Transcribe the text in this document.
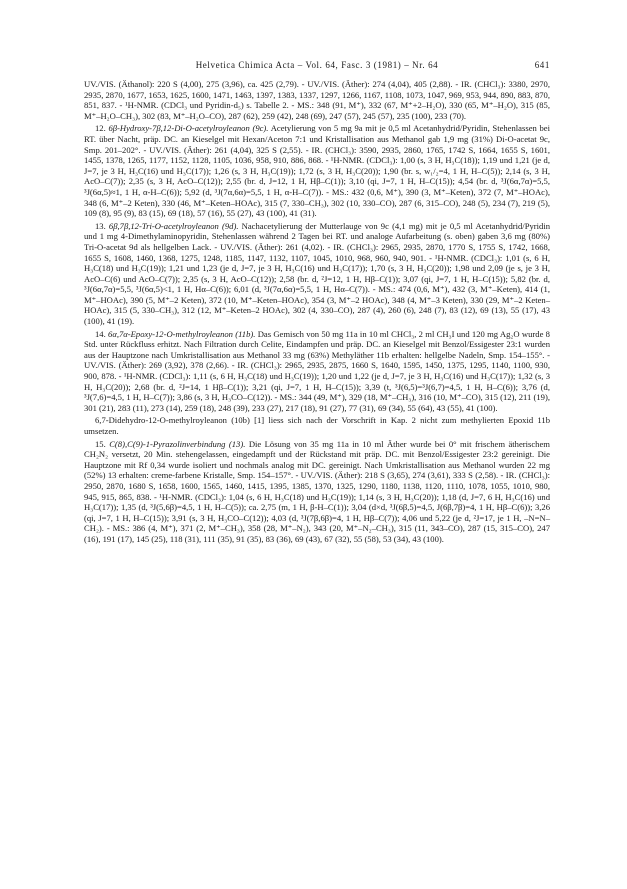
Helvetica Chimica Acta – Vol. 64, Fasc. 3 (1981) – Nr. 64	641

UV./VIS. (Äthanol): 220 S (4,00), 275 (3,96), ca. 425 (2,79). - UV./VIS. (Äther): 274 (4,04), 405 (2,88). - IR. (CHCl₃): 3380, 2970, 2935, 2870, 1677, 1653, 1625, 1600, 1471, 1463, 1397, 1383, 1337, 1297, 1266, 1167, 1108, 1073, 1047, 969, 953, 944, 890, 883, 870, 851, 837. - ¹H-NMR. (CDCl₃ und Pyridin-d₅) s. Tabelle 2. - MS.: 348 (91, M⁺), 332 (67, M⁺+2–H₂O), 330 (65, M⁺–H₂O), 315 (85, M⁺–H₂O–CH₃), 302 (83, M⁺–H₂O–CO), 287 (62), 259 (42), 248 (69), 247 (57), 245 (57), 235 (100), 233 (70).

12. 6β-Hydroxy-7β,12-Di-O-acetylroyleanon (9c). Acetylierung von 5 mg 9a mit je 0,5 ml Acetanhydrid/Pyridin, Stehenlassen bei RT. über Nacht, präp. DC. an Kieselgel mit Hexan/Aceton 7:1 und Kristallisation aus Methanol gab 1,9 mg (31%) Di-O-acetat 9c, Smp. 201–202°. - UV./VIS. (Äther): 261 (4,04), 325 S (2,55). - IR. (CHCl₃): 3590, 2935, 2860, 1765, 1742 S, 1664, 1655 S, 1601, 1455, 1378, 1265, 1177, 1152, 1128, 1105, 1036, 958, 910, 886, 868. - ¹H-NMR. (CDCl₃): 1,00 (s, 3 H, H₃C(18)); 1,19 und 1,21 (je d, J=7, je 3 H, H₃C(16) und H₃C(17)); 1,26 (s, 3 H, H₃C(19)); 1,72 (s, 3 H, H₃C(20)); 1,90 (br. s, w₁/₂=4, 1 H, H–C(5)); 2,14 (s, 3 H, AcO–C(7)); 2,35 (s, 3 H, AcO–C(12)); 2,55 (br. d, J=12, 1 H, Hβ–C(1)); 3,10 (qi, J=7, 1 H, H–C(15)); 4,54 (br. d, ³J(6α,7α)=5,5, ³J(6α,5)≈1, 1 H, α-H–C(6)); 5,92 (d, ³J(7α,6α)=5,5, 1 H, α-H–C(7)). - MS.: 432 (0,6, M⁺), 390 (3, M⁺–Keten), 372 (7, M⁺–HOAc), 348 (6, M⁺–2 Keten), 330 (46, M⁺–Keten–HOAc), 315 (7, 330–CH₃), 302 (10, 330–CO), 287 (6, 315–CO), 248 (5), 234 (7), 219 (5), 109 (8), 95 (9), 83 (15), 69 (18), 57 (16), 55 (27), 43 (100), 41 (31).

13. 6β,7β,12-Tri-O-acetylroyleanon (9d). Nachacetylierung der Mutterlauge von 9c (4,1 mg) mit je 0,5 ml Acetanhydrid/Pyridin und 1 mg 4-Dimethylaminopyridin, Stehenlassen während 2 Tagen bei RT. und analoge Aufarbeitung (s. oben) gaben 3,6 mg (80%) Tri-O-acetat 9d als hellgelben Lack. - UV./VIS. (Äther): 261 (4,02). - IR. (CHCl₃): 2965, 2935, 2870, 1770 S, 1755 S, 1742, 1668, 1655 S, 1608, 1460, 1368, 1275, 1248, 1185, 1147, 1132, 1107, 1045, 1010, 968, 960, 940, 901. - ¹H-NMR. (CDCl₃): 1,01 (s, 6 H, H₃C(18) und H₃C(19)); 1,21 und 1,23 (je d, J=7, je 3 H, H₃C(16) und H₃C(17)); 1,70 (s, 3 H, H₃C(20)); 1,98 und 2,09 (je s, je 3 H, AcO–C(6) und AcO–C(7)); 2,35 (s, 3 H, AcO–C(12)); 2,58 (br. d, ²J=12, 1 H, Hβ–C(1)); 3,07 (qi, J=7, 1 H, H–C(15)); 5,82 (br. d, ³J(6α,7α)=5,5, ³J(6α,5)<1, 1 H, Hα–C(6)); 6,01 (d, ³J(7α,6α)=5,5, 1 H, Hα–C(7)). - MS.: 474 (0,6, M⁺), 432 (3, M⁺–Keten), 414 (1, M⁺–HOAc), 390 (5, M⁺–2 Keten), 372 (10, M⁺–Keten–HOAc), 354 (3, M⁺–2 HOAc), 348 (4, M⁺–3 Keten), 330 (29, M⁺–2 Keten–HOAc), 315 (5, 330–CH₃), 312 (12, M⁺–Keten–2 HOAc), 302 (4, 330–CO), 287 (4), 260 (6), 248 (7), 83 (12), 69 (13), 55 (17), 43 (100), 41 (19).

14. 6α,7α-Epoxy-12-O-methylroyleanon (11b). Das Gemisch von 50 mg 11a in 10 ml CHCl₃, 2 ml CH₃I und 120 mg Ag₂O wurde 8 Std. unter Rückfluss erhitzt. Nach Filtration durch Celite, Eindampfen und präp. DC. an Kieselgel mit Benzol/Essigester 23:1 wurden aus der Hauptzone nach Umkristallisation aus Methanol 33 mg (63%) Methyläther 11b erhalten: hellgelbe Nadeln, Smp. 154–155°. - UV./VIS. (Äther): 269 (3,92), 378 (2,66). - IR. (CHCl₃): 2965, 2935, 2875, 1660 S, 1640, 1595, 1450, 1375, 1295, 1140, 1100, 930, 900, 878. - ¹H-NMR. (CDCl₃): 1,11 (s, 6 H, H₃C(18) und H₃C(19)); 1,20 und 1,22 (je d, J=7, je 3 H, H₃C(16) und H₃C(17)); 1,32 (s, 3 H, H₃C(20)); 2,68 (br. d, ²J=14, 1 Hβ–C(1)); 3,21 (qi, J=7, 1 H, H–C(15)); 3,39 (t, ³J(6,5)=³J(6,7)=4,5, 1 H, H–C(6)); 3,76 (d, ³J(7,6)=4,5, 1 H, H–C(7)); 3,86 (s, 3 H, H₃CO–C(12)). - MS.: 344 (49, M⁺), 329 (18, M⁺–CH₃), 316 (10, M⁺–CO), 315 (12), 211 (19), 301 (21), 283 (11), 273 (14), 259 (18), 248 (39), 233 (27), 217 (18), 91 (27), 77 (31), 69 (34), 55 (64), 43 (55), 41 (100).

6,7-Didehydro-12-O-methylroyleanon (10b) [1] liess sich nach der Vorschrift in Kap. 2 nicht zum methylierten Epoxid 11b umsetzen.

15. C(8),C(9)-1-Pyrazolinverbindung (13). Die Lösung von 35 mg 11a in 10 ml Äther wurde bei 0° mit frischem ätherischem CH₂N₂ versetzt, 20 Min. stehengelassen, eingedampft und der Rückstand mit präp. DC. mit Benzol/Essigester 23:2 gereinigt. Die Hauptzone mit Rf 0,34 wurde isoliert und nochmals analog mit DC. gereinigt. Nach Umkristallisation aus Methanol wurden 22 mg (52%) 13 erhalten: creme-farbene Kristalle, Smp. 154–157°. - UV./VIS. (Äther): 218 S (3,65), 274 (3,61), 333 S (2,58). - IR. (CHCl₃): 2950, 2870, 1680 S, 1658, 1600, 1565, 1460, 1415, 1395, 1385, 1370, 1325, 1290, 1180, 1138, 1120, 1110, 1078, 1055, 1010, 980, 945, 915, 865, 838. - ¹H-NMR. (CDCl₃): 1,04 (s, 6 H, H₃C(18) und H₃C(19)); 1,14 (s, 3 H, H₃C(20)); 1,18 (d, J=7, 6 H, H₃C(16) und H₃C(17)); 1,35 (d, ³J(5,6β)=4,5, 1 H, H–C(5)); ca. 2,75 (m, 1 H, β-H–C(1)); 3,04 (d×d, ³J(6β,5)=4,5, J(6β,7β)=4, 1 H, Hβ–C(6)); 3,26 (qi, J=7, 1 H, H–C(15)); 3,91 (s, 3 H, H₃CO–C(12)); 4,03 (d, ³J(7β,6β)=4, 1 H, Hβ–C(7)); 4,06 und 5,22 (je d, ²J=17, je 1 H, –N=N–CH₂). - MS.: 386 (4, M⁺), 371 (2, M⁺–CH₃), 358 (28, M⁺–N₂), 343 (20, M⁺–N₂–CH₃), 315 (11, 343–CO), 287 (15, 315–CO), 247 (16), 191 (17), 145 (25), 118 (31), 111 (35), 91 (35), 83 (36), 69 (43), 67 (32), 55 (58), 53 (34), 43 (100).
